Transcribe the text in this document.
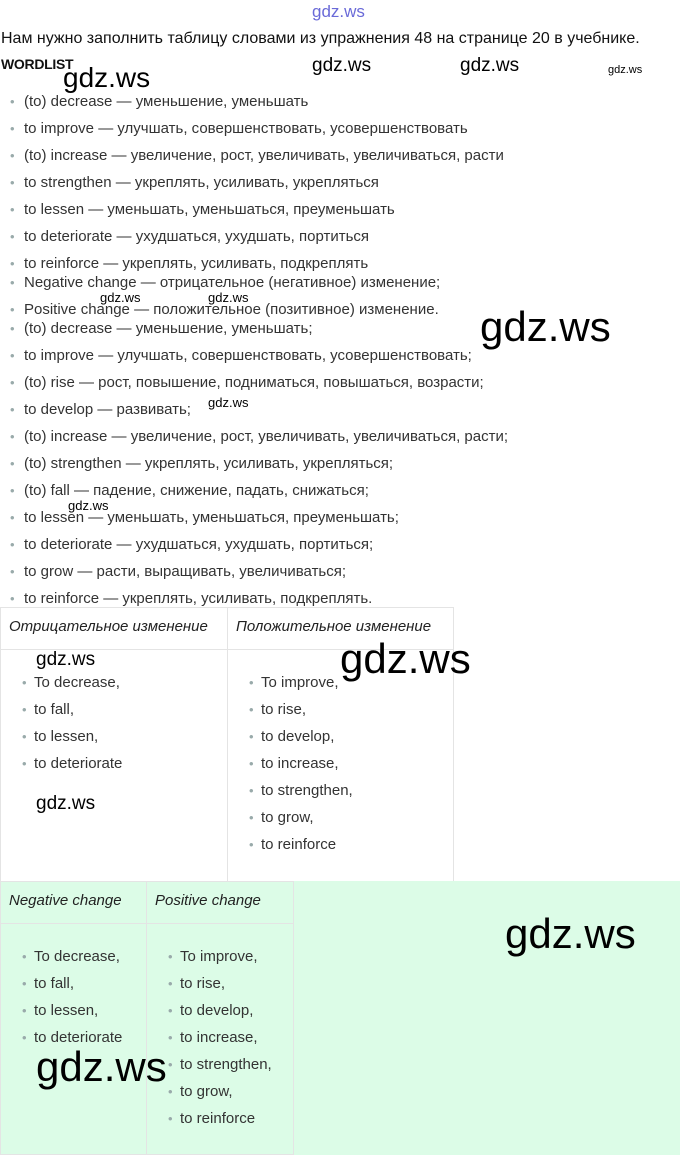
gdz.ws
Нам нужно заполнить таблицу словами из упражнения 48 на странице 20 в учебнике.
WORDLIST
• (to) decrease — уменьшение, уменьшать
• to improve — улучшать, совершенствовать, усовершенствовать
• (to) increase — увеличение, рост, увеличивать, увеличиваться, расти
• to strengthen — укреплять, усиливать, укрепляться
• to lessen — уменьшать, уменьшаться, преуменьшать
• to deteriorate — ухудшаться, ухудшать, портиться
• to reinforce — укреплять, усиливать, подкреплять
• Negative change — отрицательное (негативное) изменение;
• Positive change — положительное (позитивное) изменение.
• (to) decrease — уменьшение, уменьшать;
• to improve — улучшать, совершенствовать, усовершенствовать;
• (to) rise — рост, повышение, подниматься, повышаться, возрасти;
• to develop — развивать;
• (to) increase — увеличение, рост, увеличивать, увеличиваться, расти;
• (to) strengthen — укреплять, усиливать, укрепляться;
• (to) fall — падение, снижение, падать, снижаться;
• to lessen — уменьшать, уменьшаться, преуменьшать;
• to deteriorate — ухудшаться, ухудшать, портиться;
• to grow — расти, выращивать, увеличиваться;
• to reinforce — укреплять, усиливать, подкреплять.
Отрицательное изменение
• To decrease,
• to fall,
• to lessen,
• to deteriorate
Положительное изменение
• To improve,
• to rise,
• to develop,
• to increase,
• to strengthen,
• to grow,
• to reinforce
Negative change
• To decrease,
• to fall,
• to lessen,
• to deteriorate
Positive change
• To improve,
• to rise,
• to develop,
• to increase,
• to strengthen,
• to grow,
• to reinforce
gdz.ws	gdz.ws	gdz.ws	gdz.ws
gdz.ws	gdz.ws
gdz.ws
gdz.ws
gdz.ws
gdz.ws
gdz.ws
gdz.ws
gdz.ws
gdz.ws
